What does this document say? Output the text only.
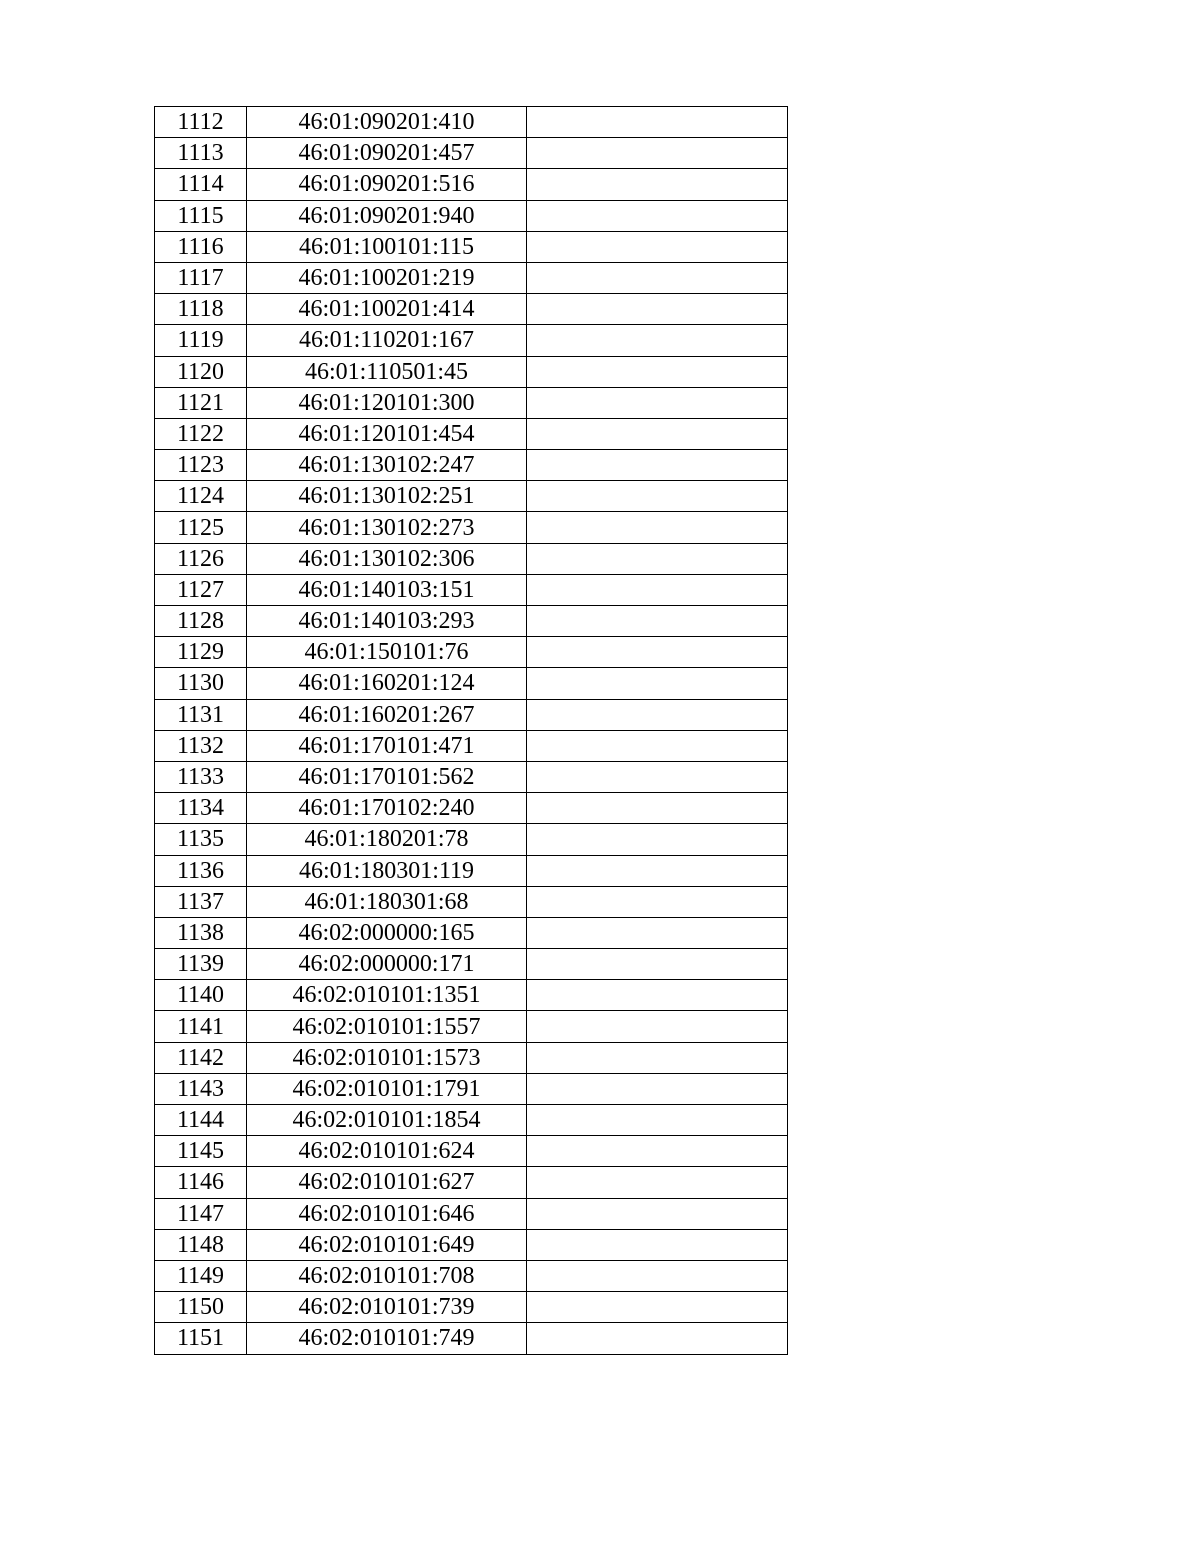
1112	46:01:090201:410	
1113	46:01:090201:457	
1114	46:01:090201:516	
1115	46:01:090201:940	
1116	46:01:100101:115	
1117	46:01:100201:219	
1118	46:01:100201:414	
1119	46:01:110201:167	
1120	46:01:110501:45	
1121	46:01:120101:300	
1122	46:01:120101:454	
1123	46:01:130102:247	
1124	46:01:130102:251	
1125	46:01:130102:273	
1126	46:01:130102:306	
1127	46:01:140103:151	
1128	46:01:140103:293	
1129	46:01:150101:76	
1130	46:01:160201:124	
1131	46:01:160201:267	
1132	46:01:170101:471	
1133	46:01:170101:562	
1134	46:01:170102:240	
1135	46:01:180201:78	
1136	46:01:180301:119	
1137	46:01:180301:68	
1138	46:02:000000:165	
1139	46:02:000000:171	
1140	46:02:010101:1351	
1141	46:02:010101:1557	
1142	46:02:010101:1573	
1143	46:02:010101:1791	
1144	46:02:010101:1854	
1145	46:02:010101:624	
1146	46:02:010101:627	
1147	46:02:010101:646	
1148	46:02:010101:649	
1149	46:02:010101:708	
1150	46:02:010101:739	
1151	46:02:010101:749	
